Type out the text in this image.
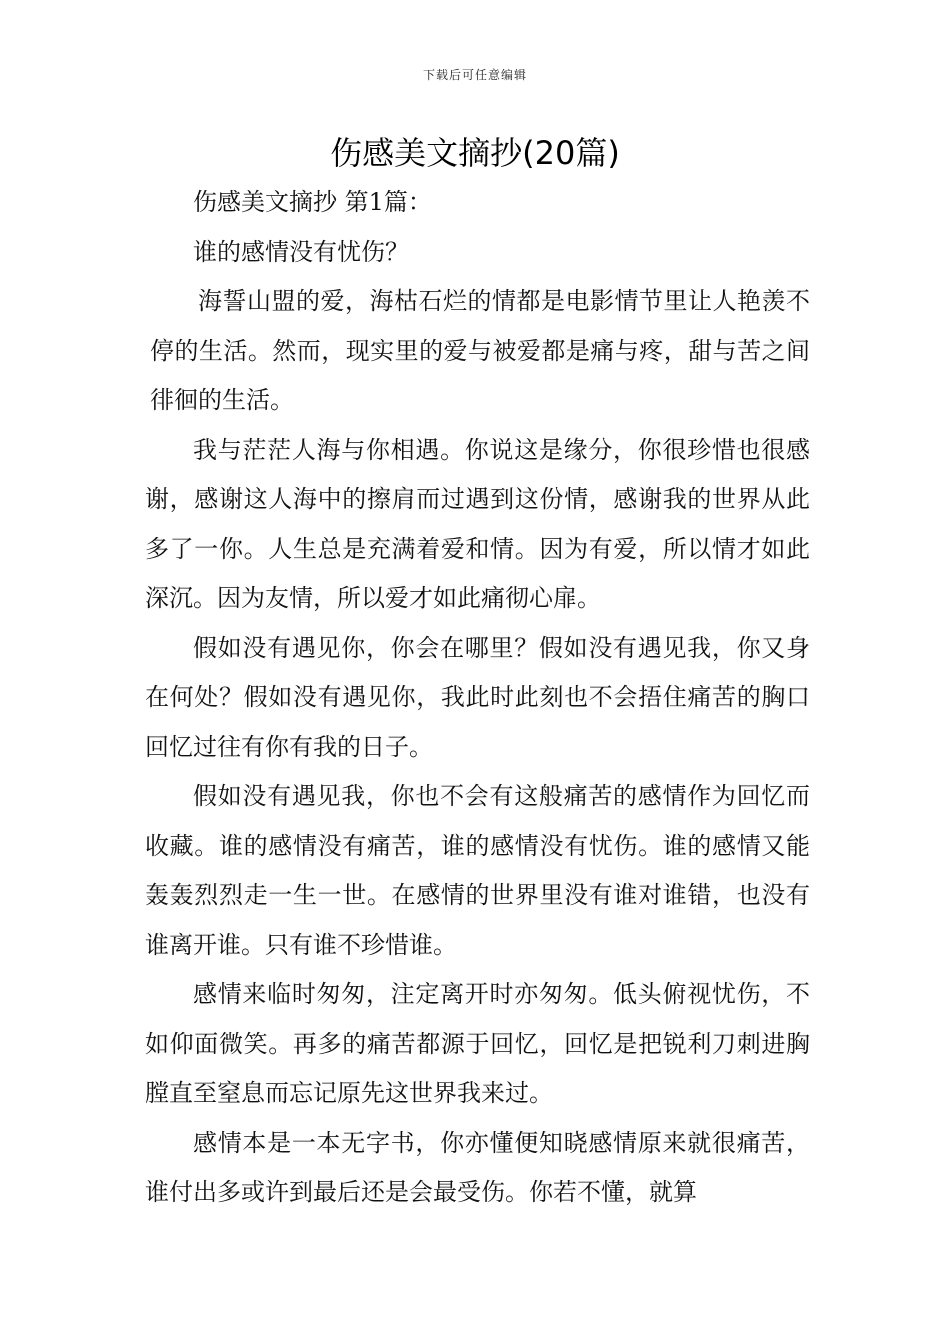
下载后可任意编辑
伤感美文摘抄(20篇)

伤感美文摘抄 第1篇：

谁的感情没有忧伤？

海誓山盟的爱，海枯石烂的情都是电影情节里让人艳羡不停的生活。然而，现实里的爱与被爱都是痛与疼，甜与苦之间徘徊的生活。

我与茫茫人海与你相遇。你说这是缘分，你很珍惜也很感谢，感谢这人海中的擦肩而过遇到这份情，感谢我的世界从此多了一你。人生总是充满着爱和情。因为有爱，所以情才如此深沉。因为友情，所以爱才如此痛彻心扉。

假如没有遇见你，你会在哪里？假如没有遇见我，你又身在何处？假如没有遇见你，我此时此刻也不会捂住痛苦的胸口回忆过往有你有我的日子。

假如没有遇见我，你也不会有这般痛苦的感情作为回忆而收藏。谁的感情没有痛苦，谁的感情没有忧伤。谁的感情又能轰轰烈烈走一生一世。在感情的世界里没有谁对谁错，也没有谁离开谁。只有谁不珍惜谁。

感情来临时匆匆，注定离开时亦匆匆。低头俯视忧伤，不如仰面微笑。再多的痛苦都源于回忆，回忆是把锐利刀刺进胸膛直至窒息而忘记原先这世界我来过。

感情本是一本无字书，你亦懂便知晓感情原来就很痛苦，谁付出多或许到最后还是会最受伤。你若不懂，就算
